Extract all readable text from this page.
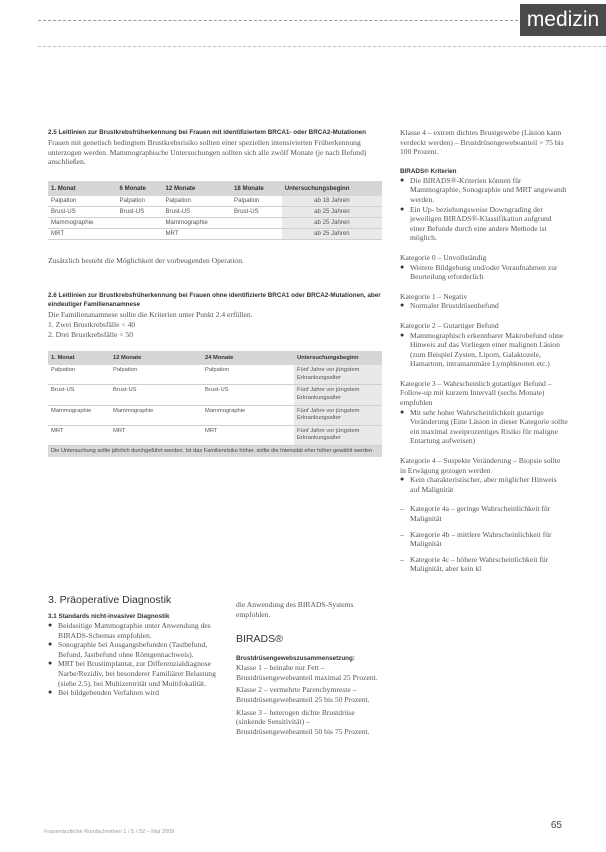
medizin
2.5 Leitlinien zur Brustkrebsfrüherkennung bei Frauen mit identifiziertem BRCA1- oder BRCA2-Mutationen
Frauen mit genetisch bedingtem Brustkrebsrisiko sollten einer speziellen intensivierten Früherkennung unterzogen werden. Mammographische Untersuchungen sollten sich alle zwölf Monate (je nach Befund) anschließen.
1. Monat	6 Monate	12 Monate	18 Monate	Untersuchungsbeginn
Palpation	Palpation	Palpation	Palpation	ab 18 Jahren
Brust-US	Brust-US	Brust-US	Brust-US	ab 25 Jahren
Mammographie		Mammographie		ab 25 Jahren
MRT		MRT		ab 25 Jahren
Zusätzlich besteht die Möglichkeit der vorbeugenden Operation.
2.6 Leitlinien zur Brustkrebsfrüherkennung bei Frauen ohne identifizierte BRCA1 oder BRCA2-Mutationen, aber eindeutiger Familienanamnese
Die Familienanamnese sollte die Kriterien unter Punkt 2.4 erfüllen.
1. Zwei Brustkrebsfälle < 40
2. Drei Brustkrebsfälle < 50
1. Monat	12 Monate	24 Monate	Untersuchungsbeginn
Palpation	Palpation	Palpation	Fünf Jahre vor jüngstem Erkrankungsalter
Brust-US	Brust-US	Brust-US	Fünf Jahre vor jüngstem Erkrankungsalter
Mammographie	Mammographie	Mammographie	Fünf Jahre vor jüngstem Erkrankungsalter
MRT	MRT	MRT	Fünf Jahre vor jüngstem Erkrankungsalter
Die Untersuchung sollte jährlich durchgeführt werden. Ist das Familienrisiko höher, sollte die Intensität eher höher gewählt werden.
3. Präoperative Diagnostik
3.1 Standards nicht-invasiver Diagnostik
● Beidseitige Mammographie unter Anwendung des BIRADS-Schemas empfohlen.
● Sonographie bei Ausgangsbefunden (Tastbefund, Befund, Jastbefund ohne Röntgennachweis).
● MRT bei Brustimplantat, zur Differenzialdiagnose Narbe/Rezidiv, bei besonderer Familiärer Belastung (siehe 2.5), bei Multizentrität und Multifokalität.
● Bei bildgebenden Verfahren wird
die Anwendung des BIRADS-Systems empfohlen.
BIRADS®
Brustdrüsengewebszusammensetzung:
Klasse 1 – beinahe nur Fett – Brustdrüsengewebeanteil maximal 25 Prozent.
Klasse 2 – vermehrte Parenchymreste – Brustdrüsengewebeanteil 25 bis 50 Prozent.
Klasse 3 – heterogen dichte Brustdrüse (sinkende Sensitivität) – Brustdrüsengewebeanteil 50 bis 75 Prozent.
Klasse 4 – extrem dichtes Brustgewebe (Läsion kann verdeckt werden) – Brustdrüsengewebeanteil > 75 bis 100 Prozent.
BIRADS® Kriterien
● Die BIRADS®-Kriterien können für Mammographie, Sonographie und MRT angewandt werden.
● Ein Up- beziehungsweise Downgrading der jeweiligen BIRADS®-Klassifikation aufgrund einer Befunde durch eine andere Methode ist möglich.
Kategorie 0 – Unvollständig
● Weitere Bildgebung und/oder Voraufnahmen zur Beurteilung erforderlich
Kategorie 1 – Negativ
● Normaler Brustdrüsenbefund
Kategorie 2 – Gutartiger Befund
● Mammographisch erkennbarer Makrobefund ohne Hinweis auf das Vorliegen einer malignen Läsion (zum Beispiel Zysten, Lipom, Galaktozele, Hamartom, intramammäre Lymphknoten etc.)
Kategorie 3 – Wahrscheinlich gutartiger Befund – Follow-up mit kurzem Intervall (sechs Monate) empfohlen
● Mit sehr hoher Wahrscheinlichkeit gutartige Veränderung (Eine Läsion in dieser Kategorie sollte ein maximal zweiprozentiges Risiko für maligne Entartung aufweisen)
Kategorie 4 – Suspekte Veränderung – Biopsie sollte in Erwägung gezogen werden
● Kein charakteristischer, aber möglicher Hinweis auf Malignität
– Kategorie 4a – geringe Wahrscheinlichkeit für Malignität
– Kategorie 4b – mittlere Wahrscheinlichkeit für Malignität
– Kategorie 4c – höhere Wahrscheinlichkeit für Malignität, aber kein kl
Frauenärztliche Rundschreiben 1 / 5 / 52 – Mai 2009
65
